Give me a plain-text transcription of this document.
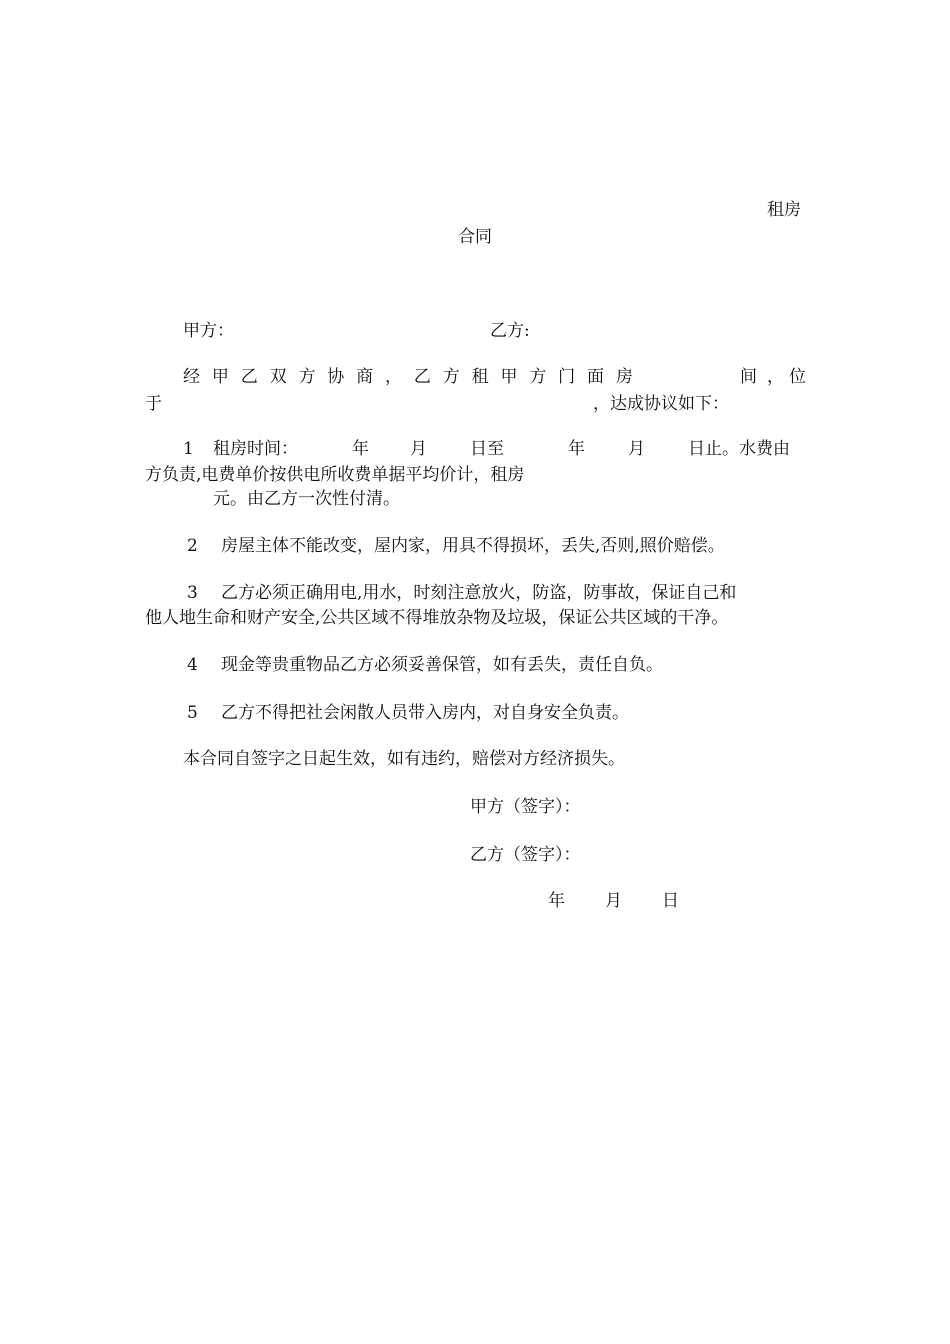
租房
合同
甲方：	乙方:
经 甲 乙 双 方 协 商 ， 乙 方 租 甲 方 门 面 房	间 ， 位
于	，达成协议如下：
1 租房时间：	年 月	日至	年	月	日止。水费由
方负责,电费单价按供电所收费单据平均价计，租房
元。由乙方一次性付清。
2 房屋主体不能改变，屋内家，用具不得损坏，丢失,否则,照价赔偿。
3 乙方必须正确用电,用水，时刻注意放火，防盗，防事故，保证自己和
他人地生命和财产安全,公共区域不得堆放杂物及垃圾，保证公共区域的干净。
4 现金等贵重物品乙方必须妥善保管，如有丢失，责任自负。
5 乙方不得把社会闲散人员带入房内，对自身安全负责。
本合同自签字之日起生效，如有违约，赔偿对方经济损失。
甲方（签字）：
乙方（签字）：
年 月 日
